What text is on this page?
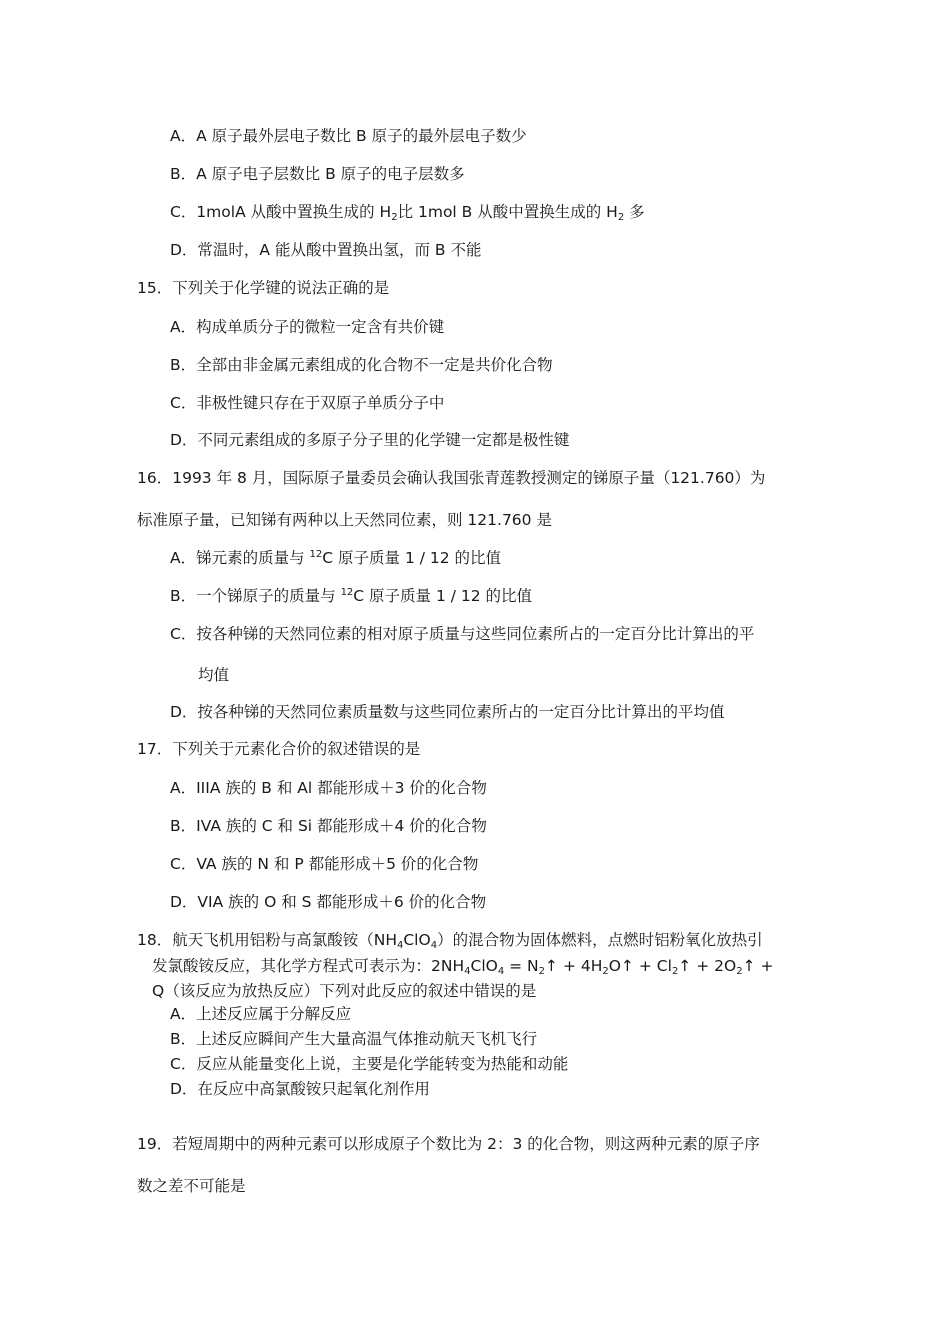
A．A 原子最外层电子数比 B 原子的最外层电子数少
B．A 原子电子层数比 B 原子的电子层数多
C．1molA 从酸中置换生成的 $H_2$比 1mol B 从酸中置换生成的 $H_2$ 多
D．常温时，A 能从酸中置换出氢，而 B 不能
15．下列关于化学键的说法正确的是
A．构成单质分子的微粒一定含有共价键
B．全部由非金属元素组成的化合物不一定是共价化合物
C．非极性键只存在于双原子单质分子中
D．不同元素组成的多原子分子里的化学键一定都是极性键
16．1993 年 8 月，国际原子量委员会确认我国张青莲教授测定的锑原子量（121.760）为
标准原子量，已知锑有两种以上天然同位素，则 121.760 是
A．锑元素的质量与 $^{12}$C 原子质量 1 / 12 的比值
B．一个锑原子的质量与 $^{12}$C 原子质量 1 / 12 的比值
C．按各种锑的天然同位素的相对原子质量与这些同位素所占的一定百分比计算出的平
均值
D．按各种锑的天然同位素质量数与这些同位素所占的一定百分比计算出的平均值
17．下列关于元素化合价的叙述错误的是
A．IIIA 族的 B 和 Al 都能形成＋3 价的化合物
B．IVA 族的 C 和 Si 都能形成＋4 价的化合物
C．VA 族的 N 和 P 都能形成＋5 价的化合物
D．VIA 族的 O 和 S 都能形成＋6 价的化合物
18．航天飞机用铝粉与高氯酸铵$(NH_4ClO_4)$的混合物为固体燃料，点燃时铝粉氧化放热引
发氯酸铵反应，其化学方程式可表示为：$2NH_4ClO_4$ = $N_2↑$ + $4H_2O↑$ + $Cl_2↑$ + $2O_2↑$ +
Q（该反应为放热反应）下列对此反应的叙述中错误的是
A．上述反应属于分解反应
B．上述反应瞬间产生大量高温气体推动航天飞机飞行
C．反应从能量变化上说，主要是化学能转变为热能和动能
D．在反应中高氯酸铵只起氧化剂作用
19．若短周期中的两种元素可以形成原子个数比为 2：3 的化合物，则这两种元素的原子序
数之差不可能是
